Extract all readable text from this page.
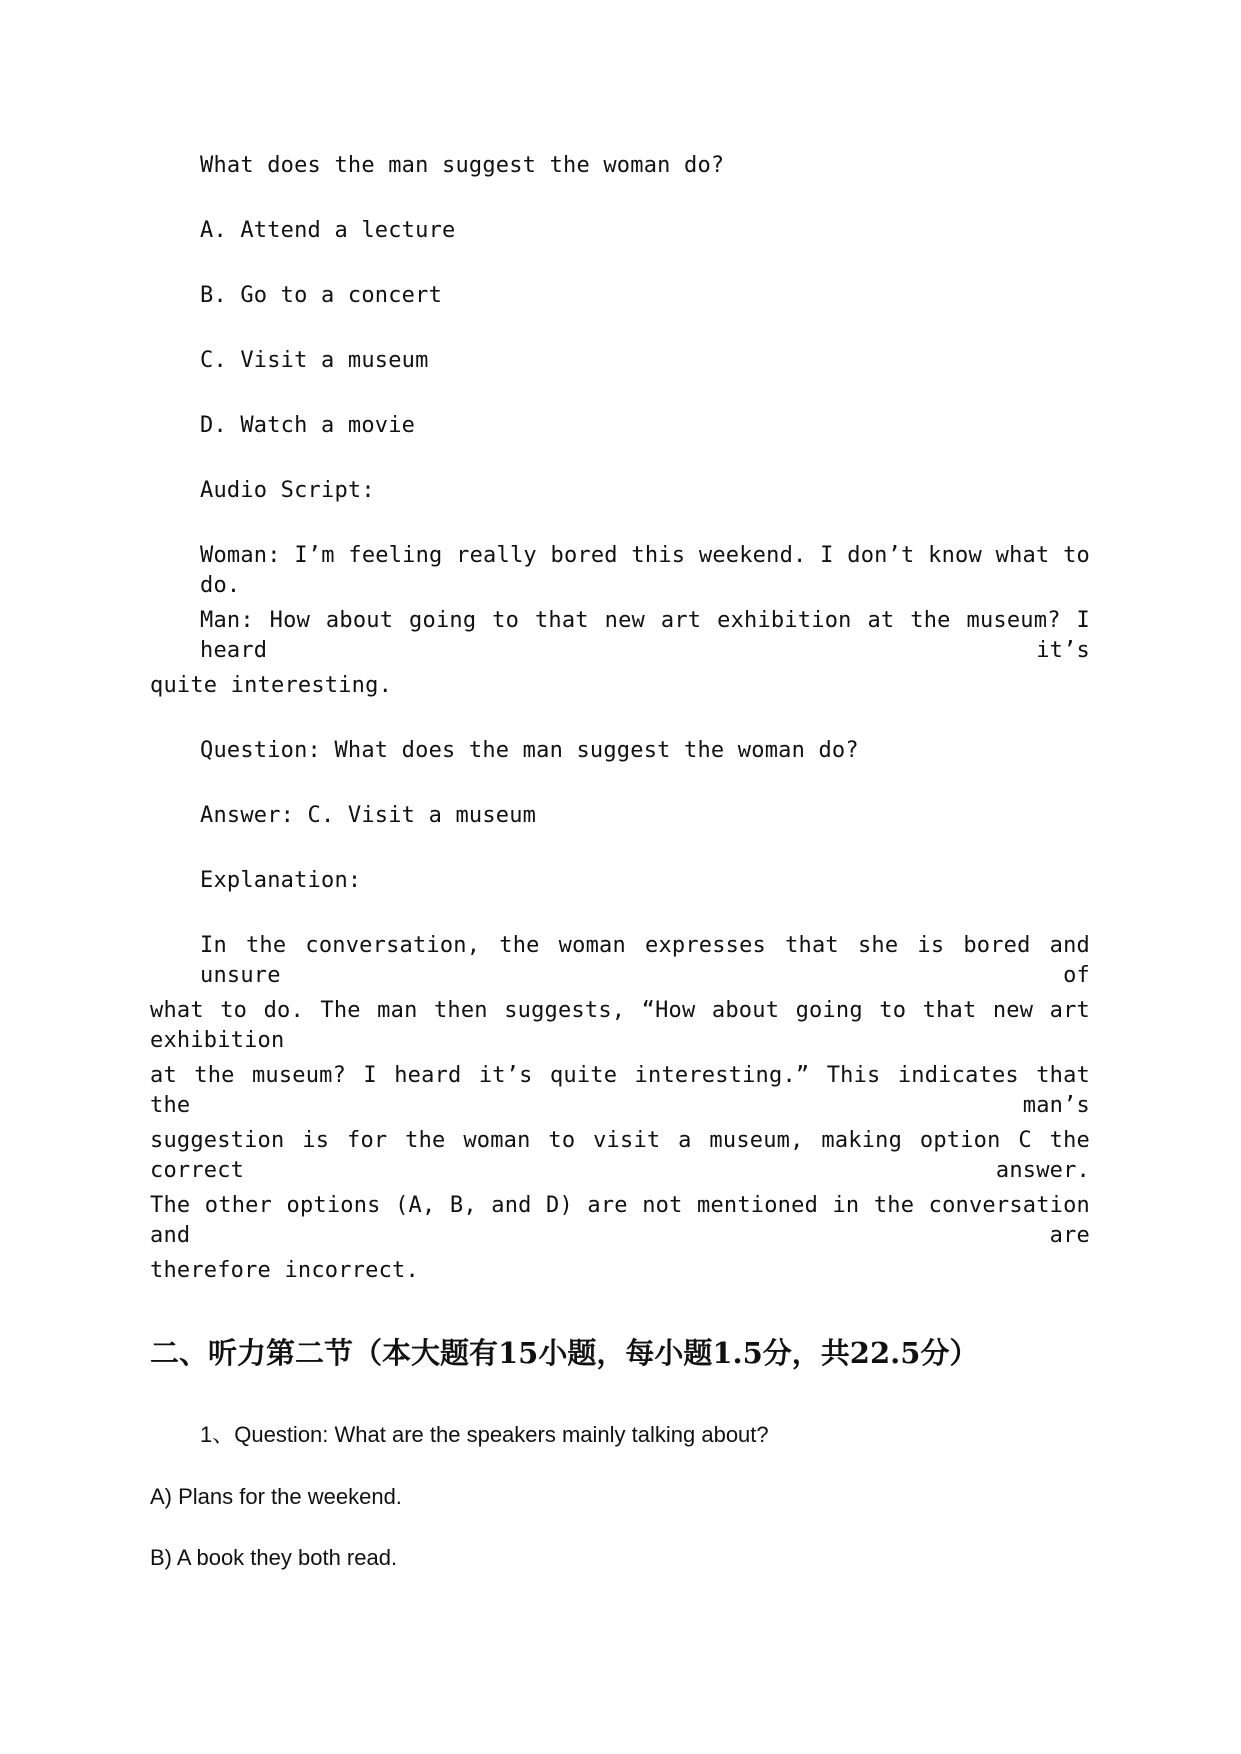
What does the man suggest the woman do?
A. Attend a lecture
B. Go to a concert
C. Visit a museum
D. Watch a movie
Audio Script:
Woman: I’m feeling really bored this weekend. I don’t know what to do.
Man: How about going to that new art exhibition at the museum? I heard it’s
quite interesting.
Question: What does the man suggest the woman do?
Answer: C. Visit a museum
Explanation:
In the conversation, the woman expresses that she is bored and unsure of
what to do. The man then suggests, “How about going to that new art exhibition
at the museum? I heard it’s quite interesting.” This indicates that the man’s
suggestion is for the woman to visit a museum, making option C the correct answer.
The other options (A, B, and D) are not mentioned in the conversation and are
therefore incorrect.
二、听力第二节（本大题有15小题，每小题1.5分，共22.5分）
1、Question: What are the speakers mainly talking about?
A) Plans for the weekend.
B) A book they both read.
